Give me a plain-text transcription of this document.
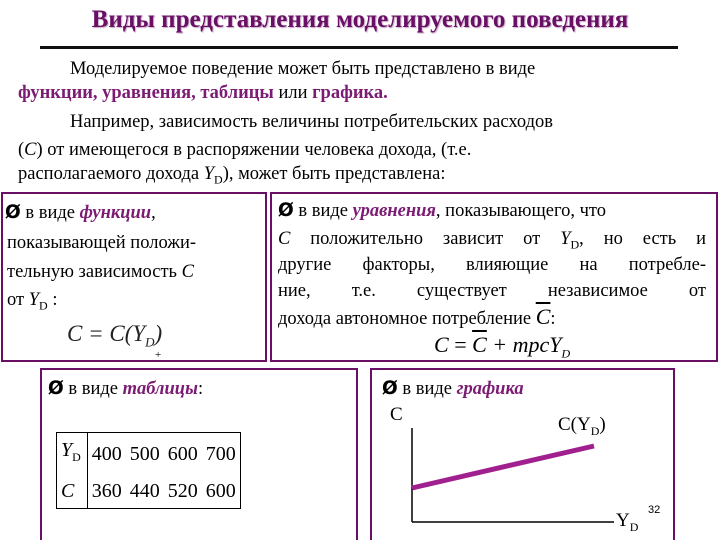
Виды представления моделируемого поведения
Моделируемое поведение может быть представлено в виде
функции, уравнения, таблицы или графика.
Например, зависимость величины потребительских расходов
(C) от имеющегося в распоряжении человека дохода, (т.е.
располагаемого дохода $Y_D$), может быть представлена:
Ø в виде функции,
показывающей положи-
тельную зависимость C
от $Y_D$ :
$C = C(Y_D)$
+
Ø в виде уравнения, показывающего, что
C положительно зависит от $Y_D$, но есть и
другие факторы, влияющие на потребле-
ние, т.е. существует независимое от
дохода автономное потребление $\overline{C}$:
$C = \overline{C}$ + mpcY$_D$
Ø в виде таблицы:
$Y_D$	400	500	600	700
C	360	440	520	600
Ø в виде графика
C	$C(Y_D)$
$Y_D$
32
